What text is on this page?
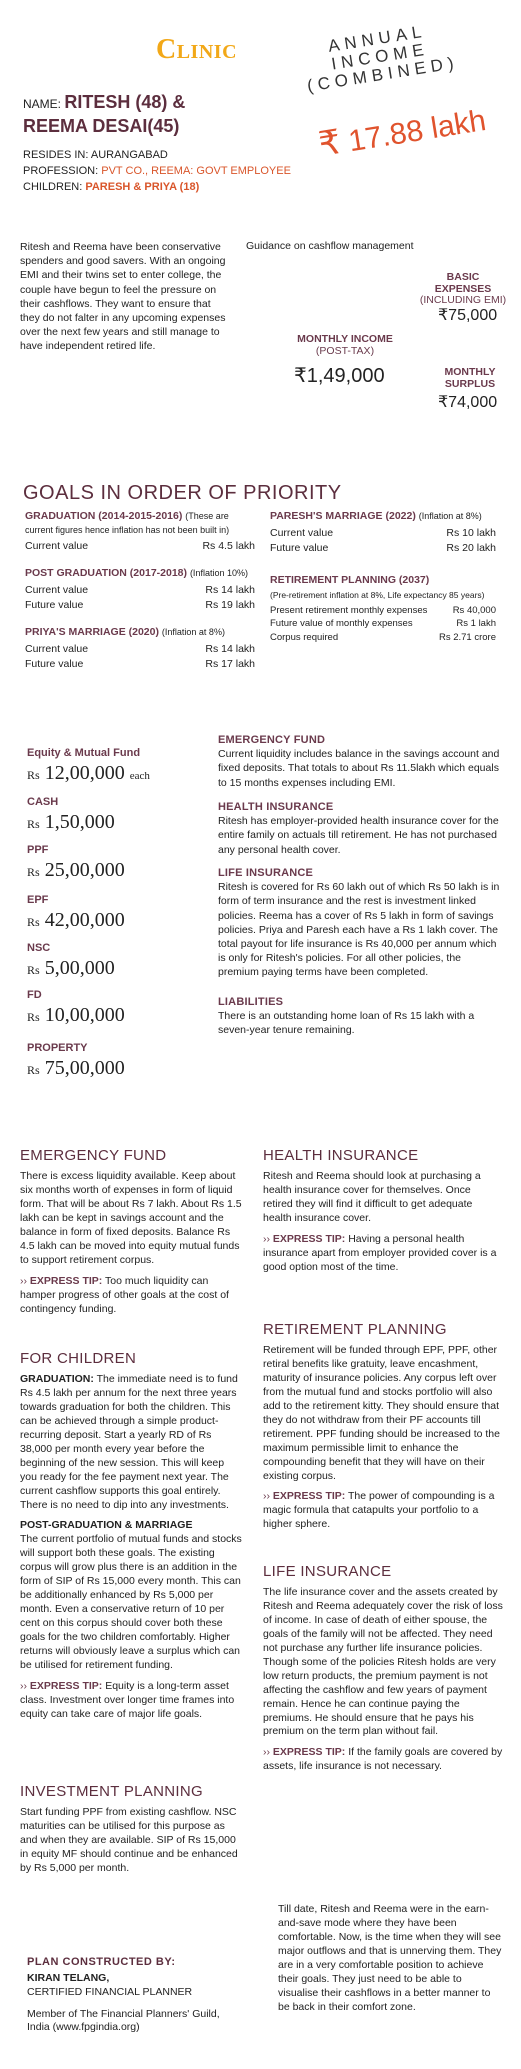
Clinic	ANNUAL INCOME (COMBINED)
₹ 17.88 lakh
NAME: RITESH (48) &
REEMA DESAI(45)
RESIDES IN: AURANGABAD
PROFESSION: PVT CO., REEMA: GOVT EMPLOYEE
CHILDREN: PARESH & PRIYA (18)
Ritesh and Reema have been conservative spenders and good savers. With an ongoing EMI and their twins set to enter college, the couple have begun to feel the pressure on their cashflows. They want to ensure that they do not falter in any upcoming expenses over the next few years and still manage to have independent retired life.
Guidance on cashflow management
BASIC EXPENSES
(INCLUDING EMI)
₹75,000
MONTHLY INCOME
(POST-TAX)
₹1,49,000	MONTHLY SURPLUS
₹74,000
GOALS IN ORDER OF PRIORITY
GRADUATION (2014-2015-2016) (These are current figures hence inflation has not been built in)
Current value	Rs 4.5 lakh
POST GRADUATION (2017-2018) (Inflation 10%)
Current value	Rs 14 lakh
Future value	Rs 19 lakh
PRIYA'S MARRIAGE (2020) (Inflation at 8%)
Current value	Rs 14 lakh
Future value	Rs 17 lakh
PARESH'S MARRIAGE (2022) (Inflation at 8%)
Current value	Rs 10 lakh
Future value	Rs 20 lakh
RETIREMENT PLANNING (2037)
(Pre-retirement inflation at 8%, Life expectancy 85 years)
Present retirement monthly expenses	Rs 40,000
Future value of monthly expenses	Rs 1 lakh
Corpus required	Rs 2.71 crore
Equity & Mutual Fund
Rs 12,00,000 each
CASH
Rs 1,50,000
PPF
Rs 25,00,000
EPF
Rs 42,00,000
NSC
Rs 5,00,000
FD
Rs 10,00,000
PROPERTY
Rs 75,00,000
EMERGENCY FUND

Current liquidity includes balance in the savings account and fixed deposits. That totals to about Rs 11.5lakh which equals to 15 months expenses including EMI.

HEALTH INSURANCE

Ritesh has employer-provided health insurance cover for the entire family on actuals till retirement. He has not purchased any personal health cover.

LIFE INSURANCE

Ritesh is covered for Rs 60 lakh out of which Rs 50 lakh is in form of term insurance and the rest is investment linked policies. Reema has a cover of Rs 5 lakh in form of savings policies. Priya and Paresh each have a Rs 1 lakh cover. The total payout for life insurance is Rs 40,000 per annum which is only for Ritesh's policies. For all other policies, the premium paying terms have been completed.

LIABILITIES

There is an outstanding home loan of Rs 15 lakh with a seven-year tenure remaining.

EMERGENCY FUND

There is excess liquidity available. Keep about six months worth of expenses in form of liquid form. That will be about Rs 7 lakh. About Rs 1.5 lakh can be kept in savings account and the balance in form of fixed deposits. Balance Rs 4.5 lakh can be moved into equity mutual funds to support retirement corpus.

›› EXPRESS TIP: Too much liquidity can hamper progress of other goals at the cost of contingency funding.

FOR CHILDREN

GRADUATION: The immediate need is to fund Rs 4.5 lakh per annum for the next three years towards graduation for both the children. This can be achieved through a simple product-recurring deposit. Start a yearly RD of Rs 38,000 per month every year before the beginning of the new session. This will keep you ready for the fee payment next year. The current cashflow supports this goal entirely. There is no need to dip into any investments.

POST-GRADUATION & MARRIAGE

The current portfolio of mutual funds and stocks will support both these goals. The existing corpus will grow plus there is an addition in the form of SIP of Rs 15,000 every month. This can be additionally enhanced by Rs 5,000 per month. Even a conservative return of 10 per cent on this corpus should cover both these goals for the two children comfortably. Higher returns will obviously leave a surplus which can be utilised for retirement funding.

›› EXPRESS TIP: Equity is a long-term asset class. Investment over longer time frames into equity can take care of major life goals.

INVESTMENT PLANNING

Start funding PPF from existing cashflow. NSC maturities can be utilised for this purpose as and when they are available. SIP of Rs 15,000 in equity MF should continue and be enhanced by Rs 5,000 per month.

HEALTH INSURANCE

Ritesh and Reema should look at purchasing a health insurance cover for themselves. Once retired they will find it difficult to get adequate health insurance cover.

›› EXPRESS TIP: Having a personal health insurance apart from employer provided cover is a good option most of the time.

RETIREMENT PLANNING

Retirement will be funded through EPF, PPF, other retiral benefits like gratuity, leave encashment, maturity of insurance policies. Any corpus left over from the mutual fund and stocks portfolio will also add to the retirement kitty. They should ensure that they do not withdraw from their PF accounts till retirement. PPF funding should be increased to the maximum permissible limit to enhance the compounding benefit that they will have on their existing corpus.

›› EXPRESS TIP: The power of compounding is a magic formula that catapults your portfolio to a higher sphere.

LIFE INSURANCE

The life insurance cover and the assets created by Ritesh and Reema adequately cover the risk of loss of income. In case of death of either spouse, the goals of the family will not be affected. They need not purchase any further life insurance policies. Though some of the policies Ritesh holds are very low return products, the premium payment is not affecting the cashflow and few years of payment remain. Hence he can continue paying the premiums. He should ensure that he pays his premium on the term plan without fail.

›› EXPRESS TIP: If the family goals are covered by assets, life insurance is not necessary.

Till date, Ritesh and Reema were in the earn-and-save mode where they have been comfortable. Now, is the time when they will see major outflows and that is unnerving them. They are in a very comfortable position to achieve their goals. They just need to be able to visualise their cashflows in a better manner to be back in their comfort zone.

PLAN CONSTRUCTED BY:
KIRAN TELANG,
CERTIFIED FINANCIAL PLANNER
Member of The Financial Planners' Guild, India (www.fpgindia.org)
